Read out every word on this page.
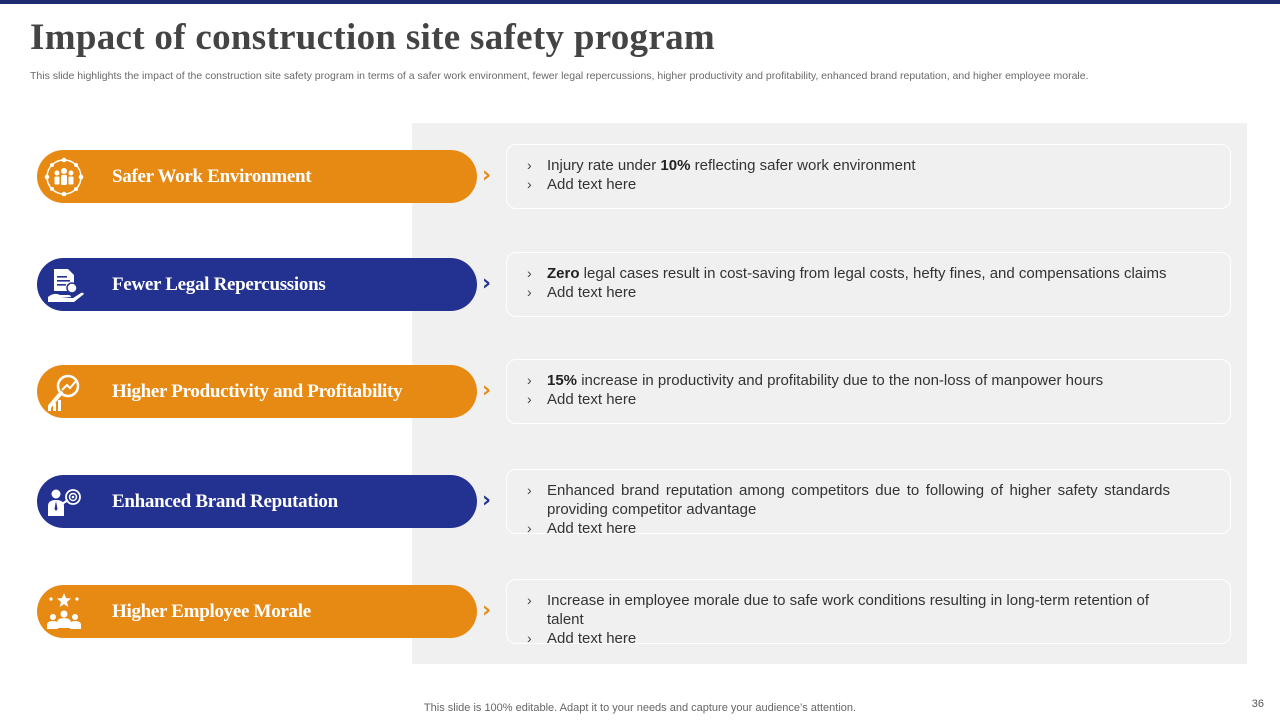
Impact of construction site safety program

This slide highlights the impact of the construction site safety program in terms of a safer work environment, fewer legal repercussions, higher productivity and profitability, enhanced brand reputation, and higher employee morale.

Safer Work Environment	›	› Injury rate under 10% reflecting safer work environment
› Add text here
Fewer Legal Repercussions	›	› Zero legal cases result in cost-saving from legal costs, hefty fines, and compensations claims
› Add text here
Higher Productivity and Profitability	›	› 15% increase in productivity and profitability due to the non-loss of manpower hours
› Add text here
Enhanced Brand Reputation	›	› Enhanced brand reputation among competitors due to following of higher safety standards providing competitor advantage
› Add text here
Higher Employee Morale	›	› Increase in employee morale due to safe work conditions resulting in long-term retention of talent
› Add text here
This slide is 100% editable. Adapt it to your needs and capture your audience’s attention.	36
